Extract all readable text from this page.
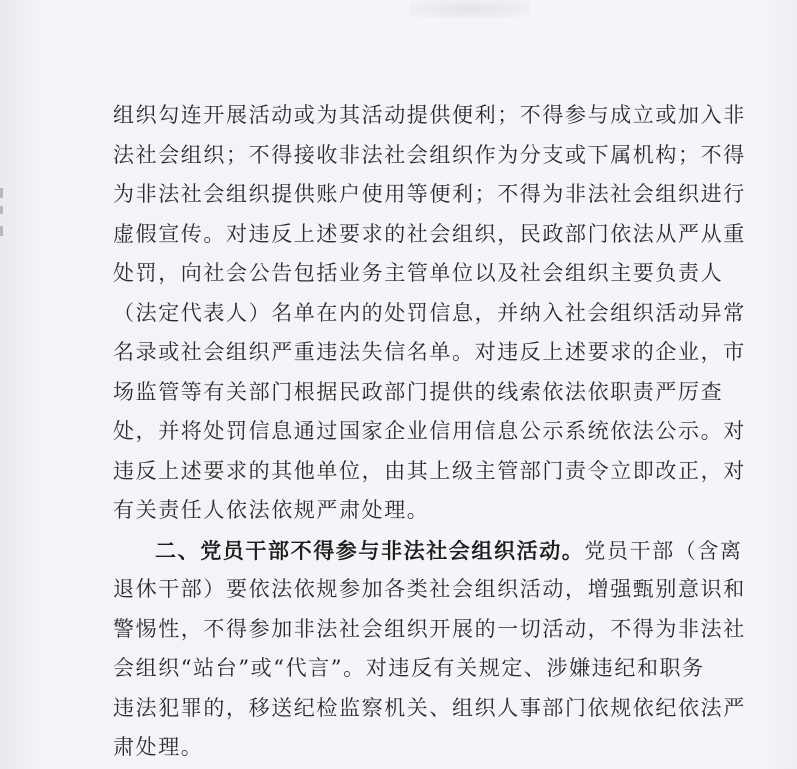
组织勾连开展活动或为其活动提供便利；不得参与成立或加入非
法社会组织；不得接收非法社会组织作为分支或下属机构；不得
为非法社会组织提供账户使用等便利；不得为非法社会组织进行
虚假宣传。对违反上述要求的社会组织，民政部门依法从严从重
处罚，向社会公告包括业务主管单位以及社会组织主要负责人
（法定代表人）名单在内的处罚信息，并纳入社会组织活动异常
名录或社会组织严重违法失信名单。对违反上述要求的企业，市
场监管等有关部门根据民政部门提供的线索依法依职责严厉查
处，并将处罚信息通过国家企业信用信息公示系统依法公示。对
违反上述要求的其他单位，由其上级主管部门责令立即改正，对
有关责任人依法依规严肃处理。
二、党员干部不得参与非法社会组织活动。党员干部（含离
退休干部）要依法依规参加各类社会组织活动，增强甄别意识和
警惕性，不得参加非法社会组织开展的一切活动，不得为非法社
会组织“站台”或“代言”。对违反有关规定、涉嫌违纪和职务
违法犯罪的，移送纪检监察机关、组织人事部门依规依纪依法严
肃处理。
